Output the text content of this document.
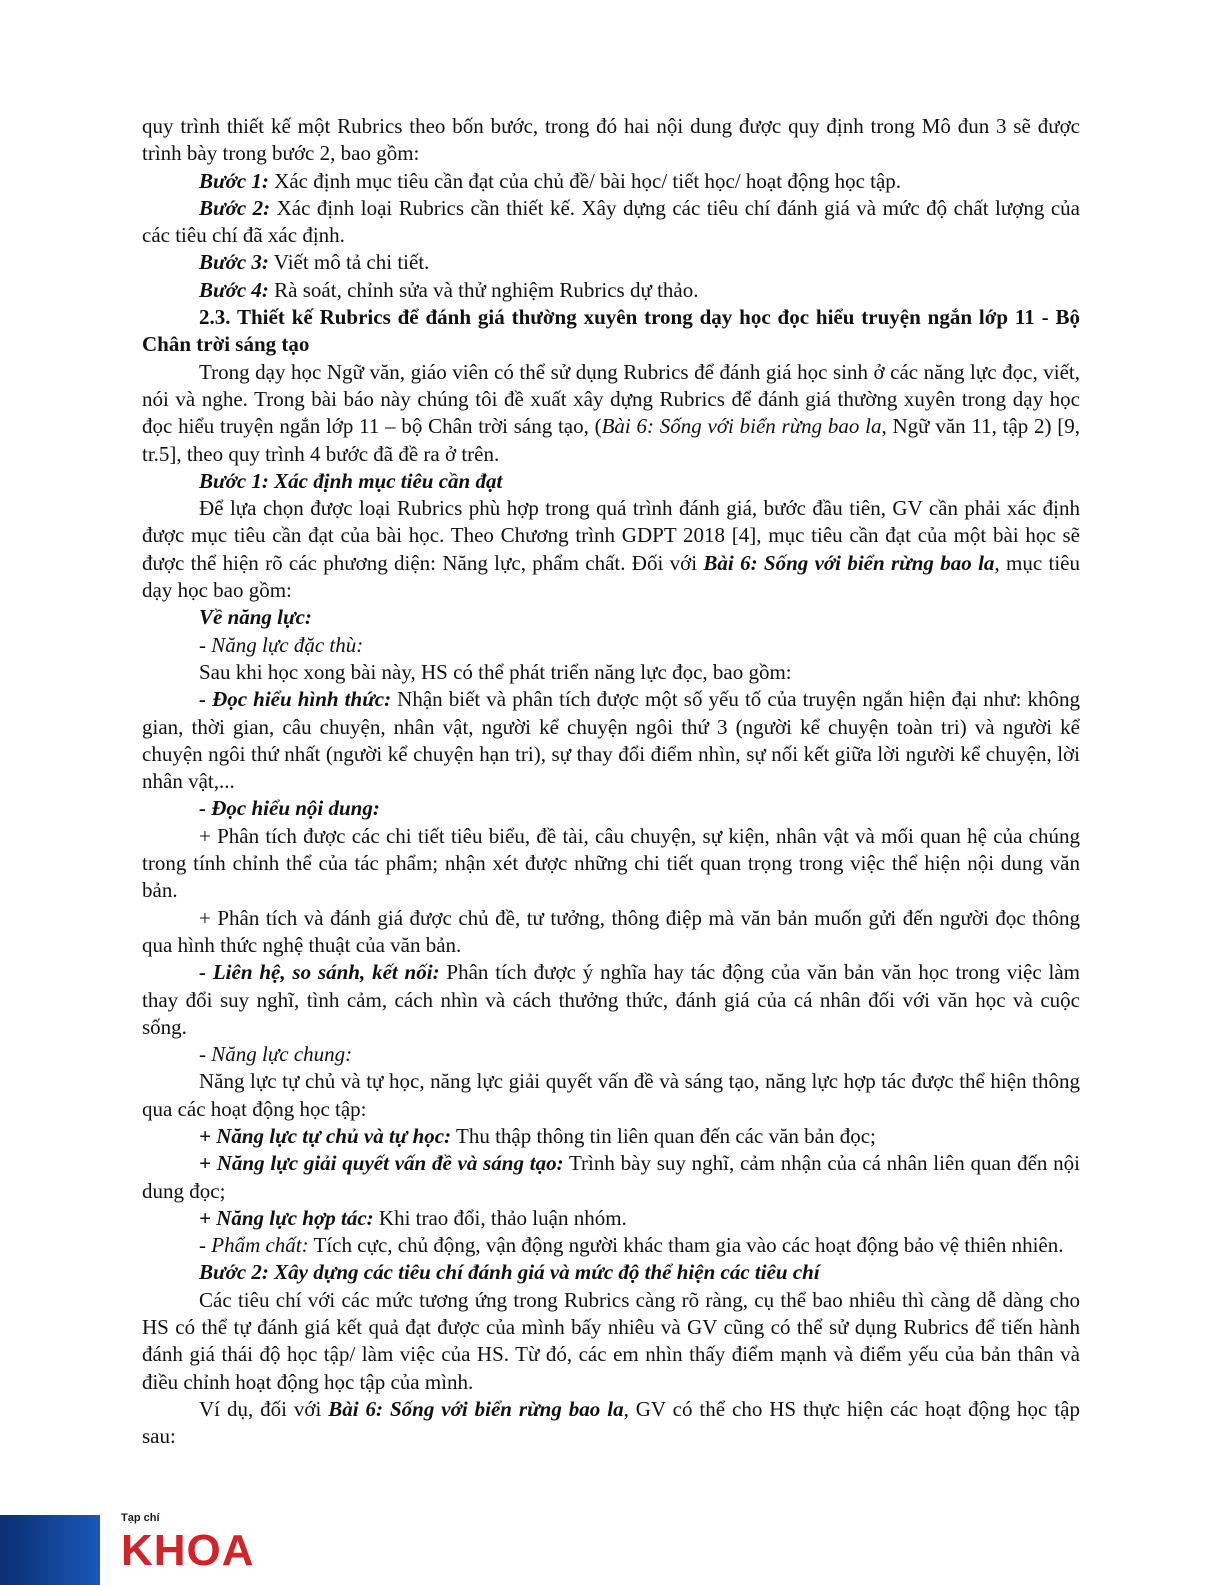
quy trình thiết kế một Rubrics theo bốn bước, trong đó hai nội dung được quy định trong Mô đun 3 sẽ được trình bày trong bước 2, bao gồm:

Bước 1: Xác định mục tiêu cần đạt của chủ đề/ bài học/ tiết học/ hoạt động học tập.

Bước 2: Xác định loại Rubrics cần thiết kế. Xây dựng các tiêu chí đánh giá và mức độ chất lượng của các tiêu chí đã xác định.

Bước 3: Viết mô tả chi tiết.

Bước 4: Rà soát, chỉnh sửa và thử nghiệm Rubrics dự thảo.

2.3. Thiết kế Rubrics để đánh giá thường xuyên trong dạy học đọc hiểu truyện ngắn lớp 11 - Bộ Chân trời sáng tạo

Trong dạy học Ngữ văn, giáo viên có thể sử dụng Rubrics để đánh giá học sinh ở các năng lực đọc, viết, nói và nghe. Trong bài báo này chúng tôi đề xuất xây dựng Rubrics để đánh giá thường xuyên trong dạy học đọc hiểu truyện ngắn lớp 11 – bộ Chân trời sáng tạo, (Bài 6: Sống với biển rừng bao la, Ngữ văn 11, tập 2) [9, tr.5], theo quy trình 4 bước đã đề ra ở trên.

Bước 1: Xác định mục tiêu cần đạt

Để lựa chọn được loại Rubrics phù hợp trong quá trình đánh giá, bước đầu tiên, GV cần phải xác định được mục tiêu cần đạt của bài học. Theo Chương trình GDPT 2018 [4], mục tiêu cần đạt của một bài học sẽ được thể hiện rõ các phương diện: Năng lực, phẩm chất. Đối với Bài 6: Sống với biển rừng bao la, mục tiêu dạy học bao gồm:

Về năng lực:

- Năng lực đặc thù:

Sau khi học xong bài này, HS có thể phát triển năng lực đọc, bao gồm:

- Đọc hiểu hình thức: Nhận biết và phân tích được một số yếu tố của truyện ngắn hiện đại như: không gian, thời gian, câu chuyện, nhân vật, người kể chuyện ngôi thứ 3 (người kể chuyện toàn tri) và người kể chuyện ngôi thứ nhất (người kể chuyện hạn tri), sự thay đổi điểm nhìn, sự nối kết giữa lời người kể chuyện, lời nhân vật,...

- Đọc hiểu nội dung:

+ Phân tích được các chi tiết tiêu biểu, đề tài, câu chuyện, sự kiện, nhân vật và mối quan hệ của chúng trong tính chỉnh thể của tác phẩm; nhận xét được những chi tiết quan trọng trong việc thể hiện nội dung văn bản.

+ Phân tích và đánh giá được chủ đề, tư tưởng, thông điệp mà văn bản muốn gửi đến người đọc thông qua hình thức nghệ thuật của văn bản.

- Liên hệ, so sánh, kết nối: Phân tích được ý nghĩa hay tác động của văn bản văn học trong việc làm thay đổi suy nghĩ, tình cảm, cách nhìn và cách thưởng thức, đánh giá của cá nhân đối với văn học và cuộc sống.

- Năng lực chung:

Năng lực tự chủ và tự học, năng lực giải quyết vấn đề và sáng tạo, năng lực hợp tác được thể hiện thông qua các hoạt động học tập:

+ Năng lực tự chủ và tự học: Thu thập thông tin liên quan đến các văn bản đọc;

+ Năng lực giải quyết vấn đề và sáng tạo: Trình bày suy nghĩ, cảm nhận của cá nhân liên quan đến nội dung đọc;

+ Năng lực hợp tác: Khi trao đổi, thảo luận nhóm.

- Phẩm chất: Tích cực, chủ động, vận động người khác tham gia vào các hoạt động bảo vệ thiên nhiên.

Bước 2: Xây dựng các tiêu chí đánh giá và mức độ thể hiện các tiêu chí

Các tiêu chí với các mức tương ứng trong Rubrics càng rõ ràng, cụ thể bao nhiêu thì càng dễ dàng cho HS có thể tự đánh giá kết quả đạt được của mình bấy nhiêu và GV cũng có thể sử dụng Rubrics để tiến hành đánh giá thái độ học tập/ làm việc của HS. Từ đó, các em nhìn thấy điểm mạnh và điểm yếu của bản thân và điều chỉnh hoạt động học tập của mình.

Ví dụ, đối với Bài 6: Sống với biển rừng bao la, GV có thể cho HS thực hiện các hoạt động học tập sau:

Tạp chí
KHOA
